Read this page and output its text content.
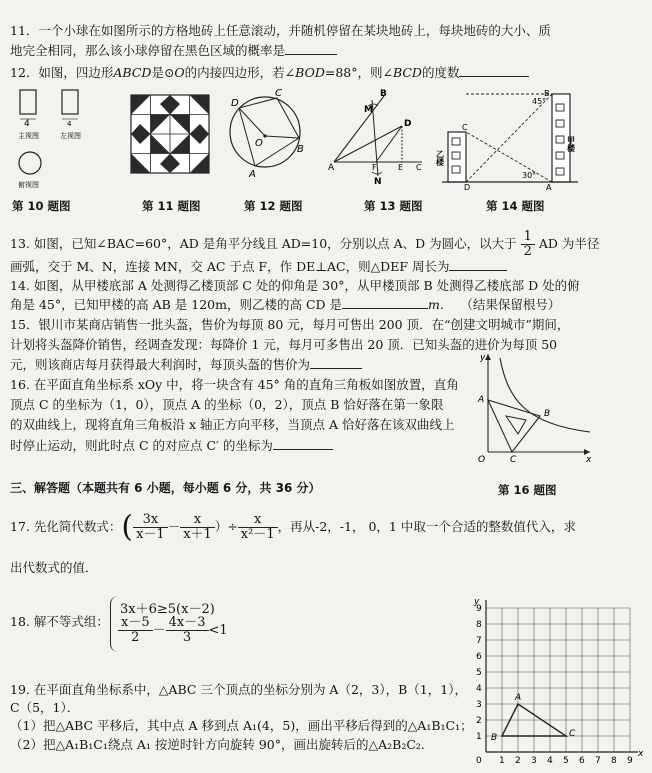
11．一个小球在如图所示的方格地砖上任意滚动，并随机停留在某块地砖上，每块地砖的大小、质
地完全相同，那么该小球停留在黑色区域的概率是
12．如图，四边形ABCD是⊙O的内接四边形，若∠BOD=88°，则∠BCD的度数
4
主视图
俯视图
4
左视图
D
C
O
B
A
B
D
F
A	E C
M
N
45°
30°
甲楼
乙楼
A
B
C
D
第 10 题图	第 11 题图	第 12 题图	第 13 题图	第 14 题图
13. 如图，已知∠BAC=60°，AD 是角平分线且 AD=10，分别以点 A、D 为圆心，以大于 $\frac{1}{2}$ AD 为半径
画弧，交于 M、N，连接 MN，交 AC 于点 F，作 DE⊥AC，则△DEF 周长为
14. 如图，从甲楼底部 A 处测得乙楼顶部 C 处的仰角是 30°，从甲楼顶部 B 处测得乙楼底部 D 处的俯
角是 45°，已知甲楼的高 AB 是 120m，则乙楼的高 CD 是	m.　 （结果保留根号）
15．银川市某商店销售一批头盔，售价为每顶 80 元，每月可售出 200 顶．在“创建文明城市”期间，
计划将头盔降价销售，经调查发现：每降价 1 元，每月可多售出 20 顶．已知头盔的进价为每顶 50
元，则该商店每月获得最大利润时，每顶头盔的售价为
16. 在平面直角坐标系 xOy 中，将一块含有 45° 角的直角三角板如图放置，直角
顶点 C 的坐标为（1，0），顶点 A 的坐标（0，2），顶点 B 恰好落在第一象限
的双曲线上，现将直角三角板沿 x 轴正方向平移，当顶点 A 恰好落在该双曲线上
时停止运动，则此时点 C 的对应点 C′ 的坐标为
y
A
B
O	C	x
第 16 题图
三、解答题（本题共有 6 小题，每小题 6 分，共 36 分）
17. 先化简代数式：( $\frac{3x}{x-1} - \frac{x}{x+1}$ ）÷ $\frac{x}{\text{x²－1}}$ ，再从-2，-1， 0，1 中取一个合适的整数值代入，求
出代数式的值．
18. 解不等式组：
3x＋6≥5(x－2)
$\frac{x-5}{2} - \frac{4x-3}{3} <1$
19. 在平面直角坐标系中，△ABC 三个顶点的坐标分别为 A（2，3），B（1，1），
C（5，1）．
（1）把△ABC 平移后，其中点 A 移到点 A₁(4，5)，画出平移后得到的△A₁B₁C₁；
（2）把△A₁B₁C₁绕点 A₁ 按逆时针方向旋转 90°，画出旋转后的△A₂B₂C₂.
1 2 3 4 5 6 7 8 9
1
2
3
4
5
6
7
8
9
0
x
y
A
B	C
